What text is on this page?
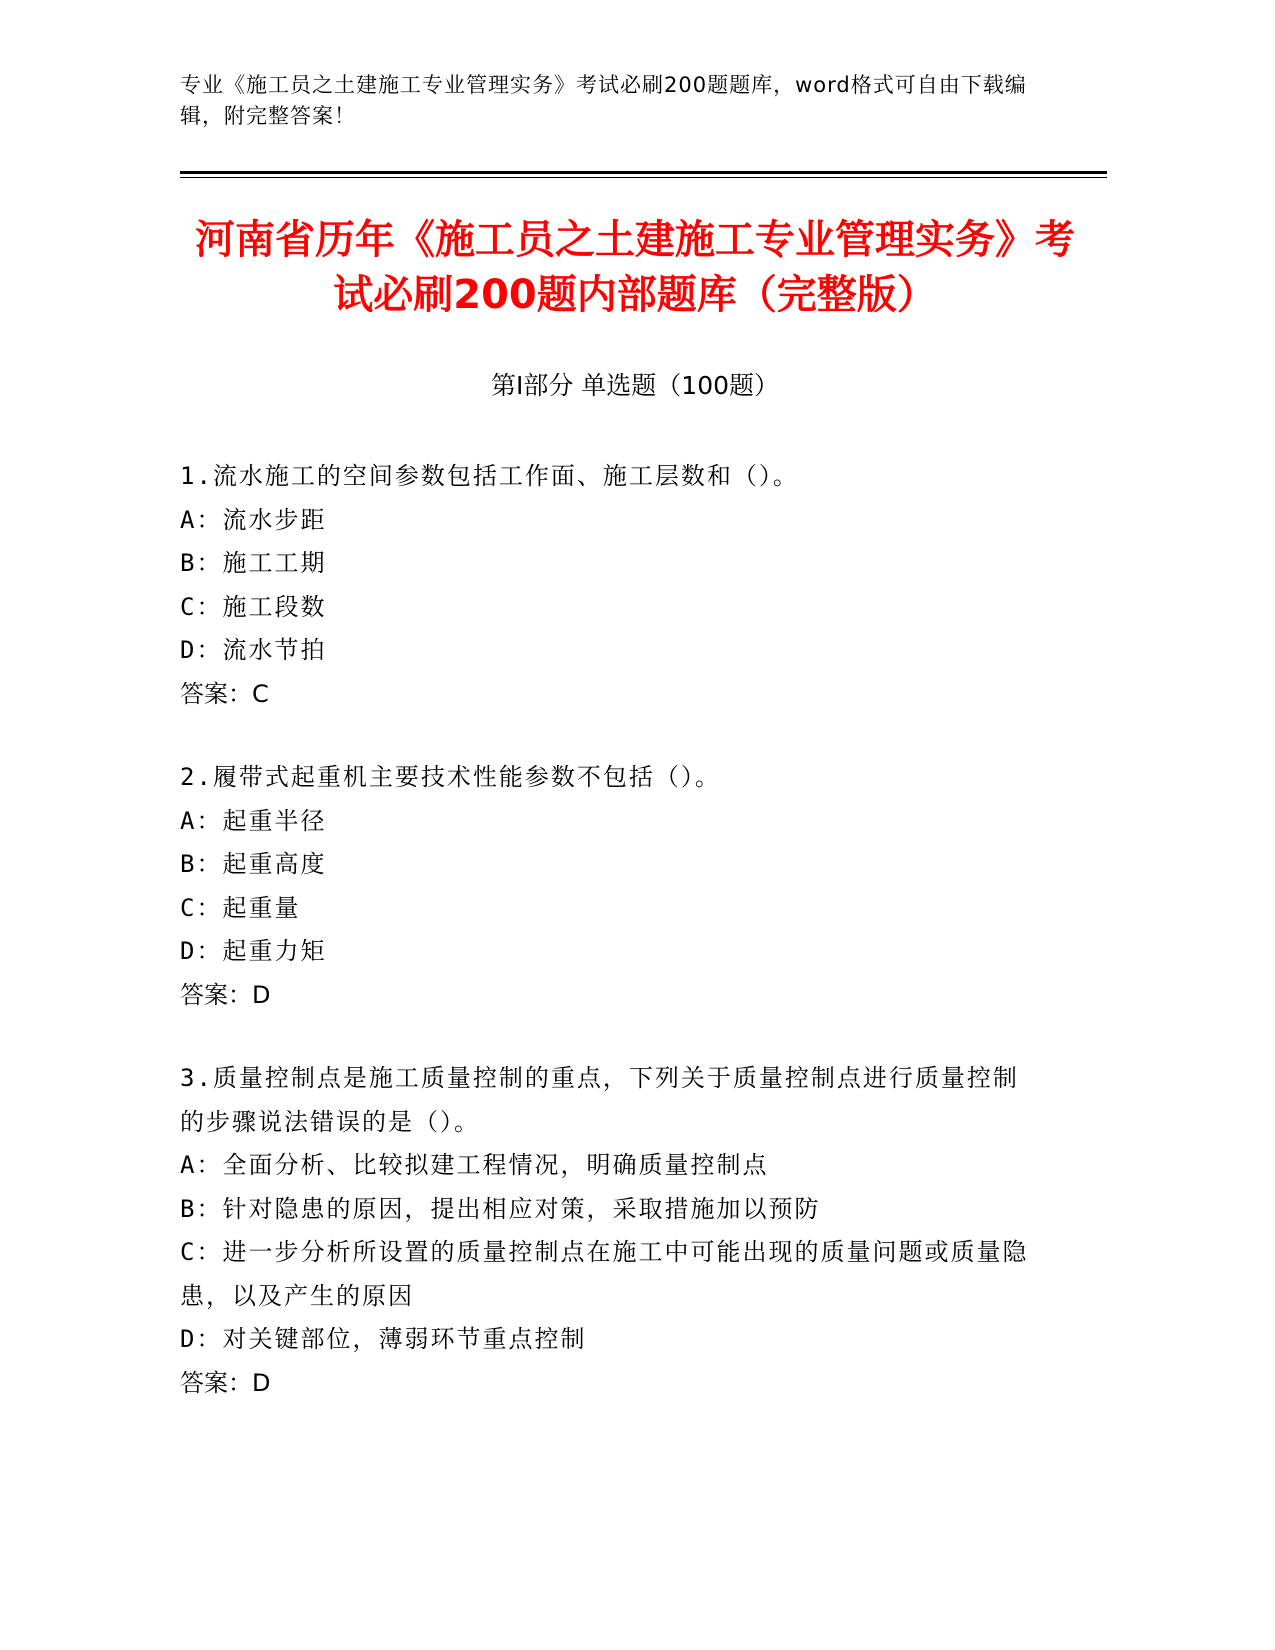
专业《施工员之土建施工专业管理实务》考试必刷200题题库，word格式可自由下载编辑，附完整答案！
河南省历年《施工员之土建施工专业管理实务》考试必刷200题内部题库（完整版）
第Ⅰ部分 单选题（100题）
1.流水施工的空间参数包括工作面、施工层数和（）。
A：流水步距
B：施工工期
C：施工段数
D：流水节拍
答案：C
2.履带式起重机主要技术性能参数不包括（）。
A：起重半径
B：起重高度
C：起重量
D：起重力矩
答案：D
3.质量控制点是施工质量控制的重点，下列关于质量控制点进行质量控制的步骤说法错误的是（）。
A：全面分析、比较拟建工程情况，明确质量控制点
B：针对隐患的原因，提出相应对策，采取措施加以预防
C：进一步分析所设置的质量控制点在施工中可能出现的质量问题或质量隐患，以及产生的原因
D：对关键部位，薄弱环节重点控制
答案：D
